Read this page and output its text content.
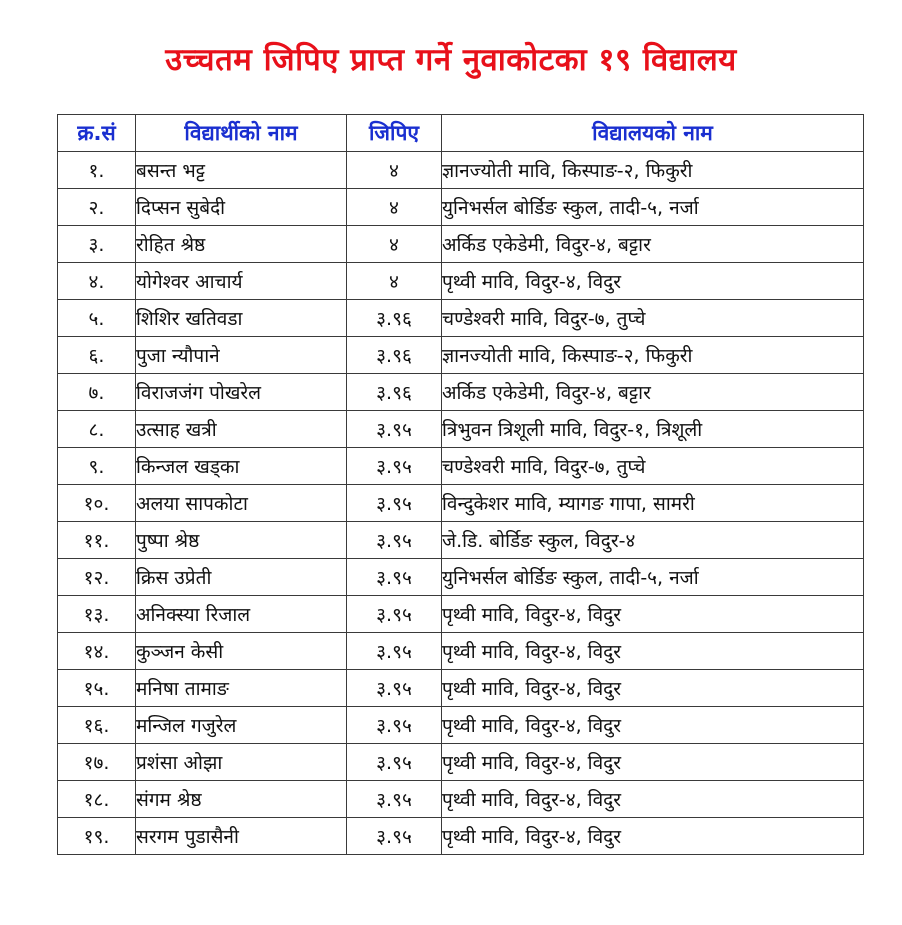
उच्चतम जिपिए प्राप्त गर्ने नुवाकोटका १९ विद्यालय
क्र.सं	विद्यार्थीको नाम	जिपिए	विद्यालयको नाम
१.	बसन्त भट्ट	४	ज्ञानज्योती मावि, किस्पाङ-२, फिकुरी
२.	दिप्सन सुबेदी	४	युनिभर्सल बोर्डिङ स्कुल, तादी-५, नर्जा
३.	रोहित श्रेष्ठ	४	अर्किड एकेडेमी, विदुर-४, बट्टार
४.	योगेश्वर आचार्य	४	पृथ्वी मावि, विदुर-४, विदुर
५.	शिशिर खतिवडा	३.९६	चण्डेश्वरी मावि, विदुर-७, तुप्चे
६.	पुजा न्यौपाने	३.९६	ज्ञानज्योती मावि, किस्पाङ-२, फिकुरी
७.	विराजजंग पोखरेल	३.९६	अर्किड एकेडेमी, विदुर-४, बट्टार
८.	उत्साह खत्री	३.९५	त्रिभुवन त्रिशूली मावि, विदुर-१, त्रिशूली
९.	किन्जल खड्का	३.९५	चण्डेश्वरी मावि, विदुर-७, तुप्चे
१०.	अलया सापकोटा	३.९५	विन्दुकेशर मावि, म्यागङ गापा, सामरी
११.	पुष्पा श्रेष्ठ	३.९५	जे.डि. बोर्डिङ स्कुल, विदुर-४
१२.	क्रिस उप्रेती	३.९५	युनिभर्सल बोर्डिङ स्कुल, तादी-५, नर्जा
१३.	अनिक्स्या रिजाल	३.९५	पृथ्वी मावि, विदुर-४, विदुर
१४.	कुञ्जन केसी	३.९५	पृथ्वी मावि, विदुर-४, विदुर
१५.	मनिषा तामाङ	३.९५	पृथ्वी मावि, विदुर-४, विदुर
१६.	मन्जिल गजुरेल	३.९५	पृथ्वी मावि, विदुर-४, विदुर
१७.	प्रशंसा ओझा	३.९५	पृथ्वी मावि, विदुर-४, विदुर
१८.	संगम श्रेष्ठ	३.९५	पृथ्वी मावि, विदुर-४, विदुर
१९.	सरगम पुडासैनी	३.९५	पृथ्वी मावि, विदुर-४, विदुर
